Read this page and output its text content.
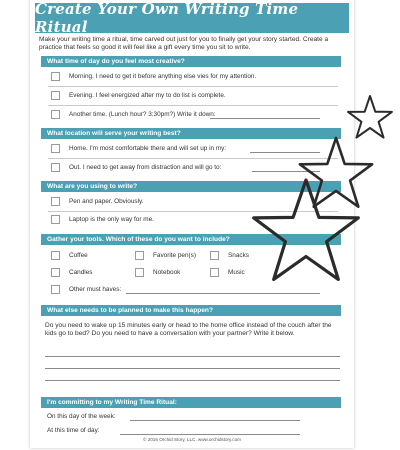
Create Your Own Writing Time Ritual
Make your writing time a ritual, time carved out just for you to finally get your story started. Create a practice that feels so good it will feel like a gift every time you sit to write.
What time of day do you feel most creative?
Morning. I need to get it before anything else vies for my attention.
Evening. I feel energized after my to do list is complete.
Another time. (Lunch hour? 3:30pm?) Write it down:
What location will serve your writing best?
Home. I'm most comfortable there and will set up in my:
Out. I need to get away from distraction and will go to:
What are you using to write?
Pen and paper. Obviously.
Laptop is the only way for me.
Gather your tools. Which of these do you want to include?
Coffee	Favorite pen(s)	Snacks
Candles	Notebook	Music
Other must haves:
What else needs to be planned to make this happen?
Do you need to wake up 15 minutes early or head to the home office instead of the couch after the kids go to bed? Do you need to have a conversation with your partner? Write it below.
I'm committing to my Writing Time Ritual:
On this day of the week:
At this time of day:
© 2016 Orchid Story, LLC. www.orchidstory.com
